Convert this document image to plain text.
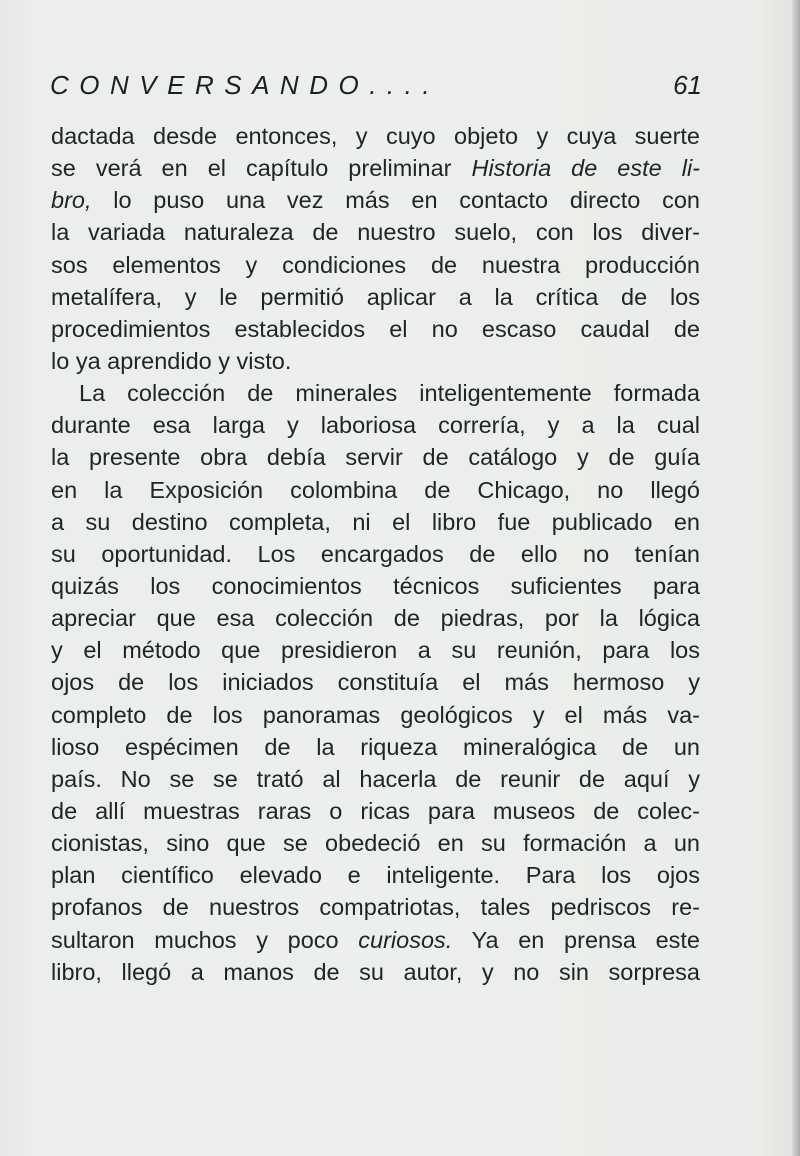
CONVERSANDO....	61
dactada desde entonces, y cuyo objeto y cuya suerte
se verá en el capítulo preliminar Historia de este li-
bro, lo puso una vez más en contacto directo con
la variada naturaleza de nuestro suelo, con los diver-
sos elementos y condiciones de nuestra producción
metalífera, y le permitió aplicar a la crítica de los
procedimientos establecidos el no escaso caudal de
lo ya aprendido y visto.
La colección de minerales inteligentemente formada
durante esa larga y laboriosa correría, y a la cual
la presente obra debía servir de catálogo y de guía
en la Exposición colombina de Chicago, no llegó
a su destino completa, ni el libro fue publicado en
su oportunidad. Los encargados de ello no tenían
quizás los conocimientos técnicos suficientes para
apreciar que esa colección de piedras, por la lógica
y el método que presidieron a su reunión, para los
ojos de los iniciados constituía el más hermoso y
completo de los panoramas geológicos y el más va-
lioso espécimen de la riqueza mineralógica de un
país. No se se trató al hacerla de reunir de aquí y
de allí muestras raras o ricas para museos de colec-
cionistas, sino que se obedeció en su formación a un
plan científico elevado e inteligente. Para los ojos
profanos de nuestros compatriotas, tales pedriscos re-
sultaron muchos y poco curiosos. Ya en prensa este
libro, llegó a manos de su autor, y no sin sorpresa
